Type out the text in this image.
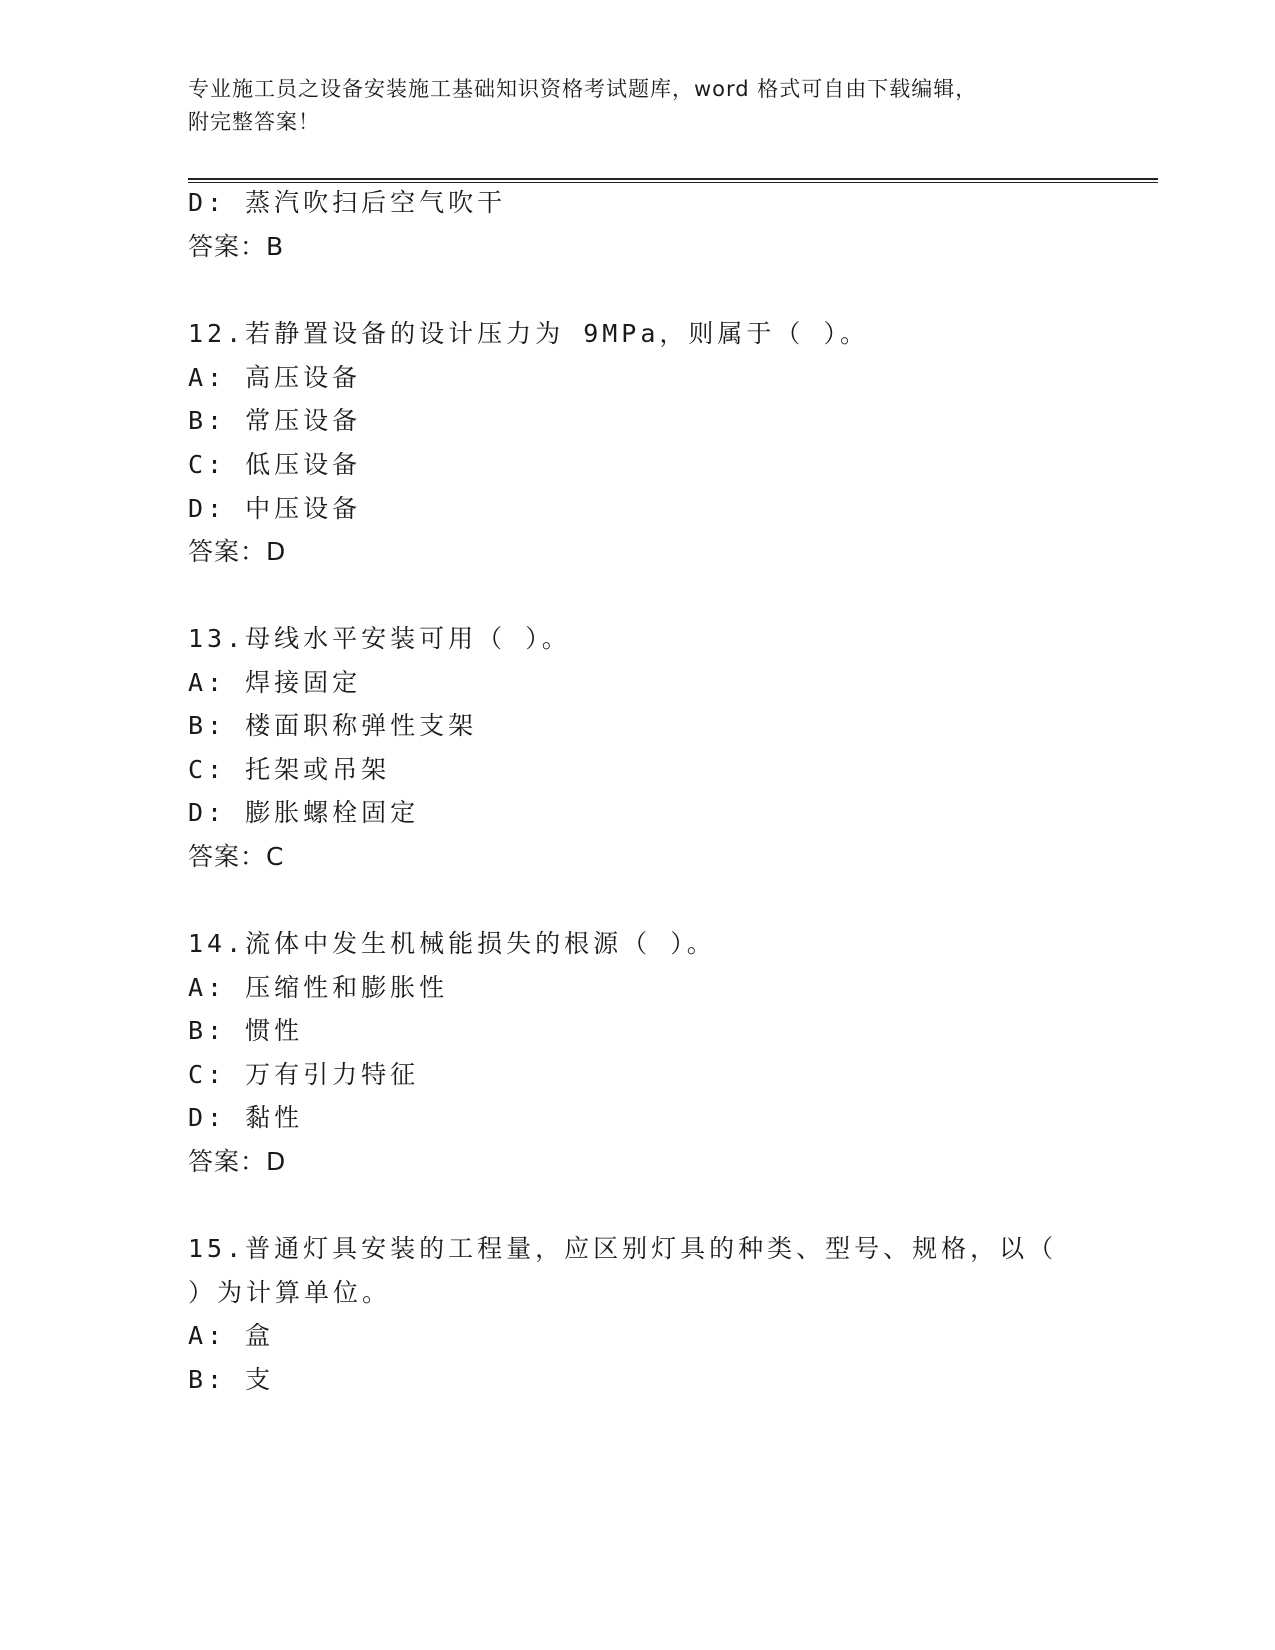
专业施工员之设备安装施工基础知识资格考试题库，word 格式可自由下载编辑，
附完整答案！
D: 蒸汽吹扫后空气吹干
答案：B
12.若静置设备的设计压力为 9MPa，则属于（ ）。
A: 高压设备
B: 常压设备
C: 低压设备
D: 中压设备
答案：D
13.母线水平安装可用（ ）。
A: 焊接固定
B: 楼面职称弹性支架
C: 托架或吊架
D: 膨胀螺栓固定
答案：C
14.流体中发生机械能损失的根源（ ）。
A: 压缩性和膨胀性
B: 惯性
C: 万有引力特征
D: 黏性
答案：D
15.普通灯具安装的工程量，应区别灯具的种类、型号、规格，以（
）为计算单位。
A: 盒
B: 支
